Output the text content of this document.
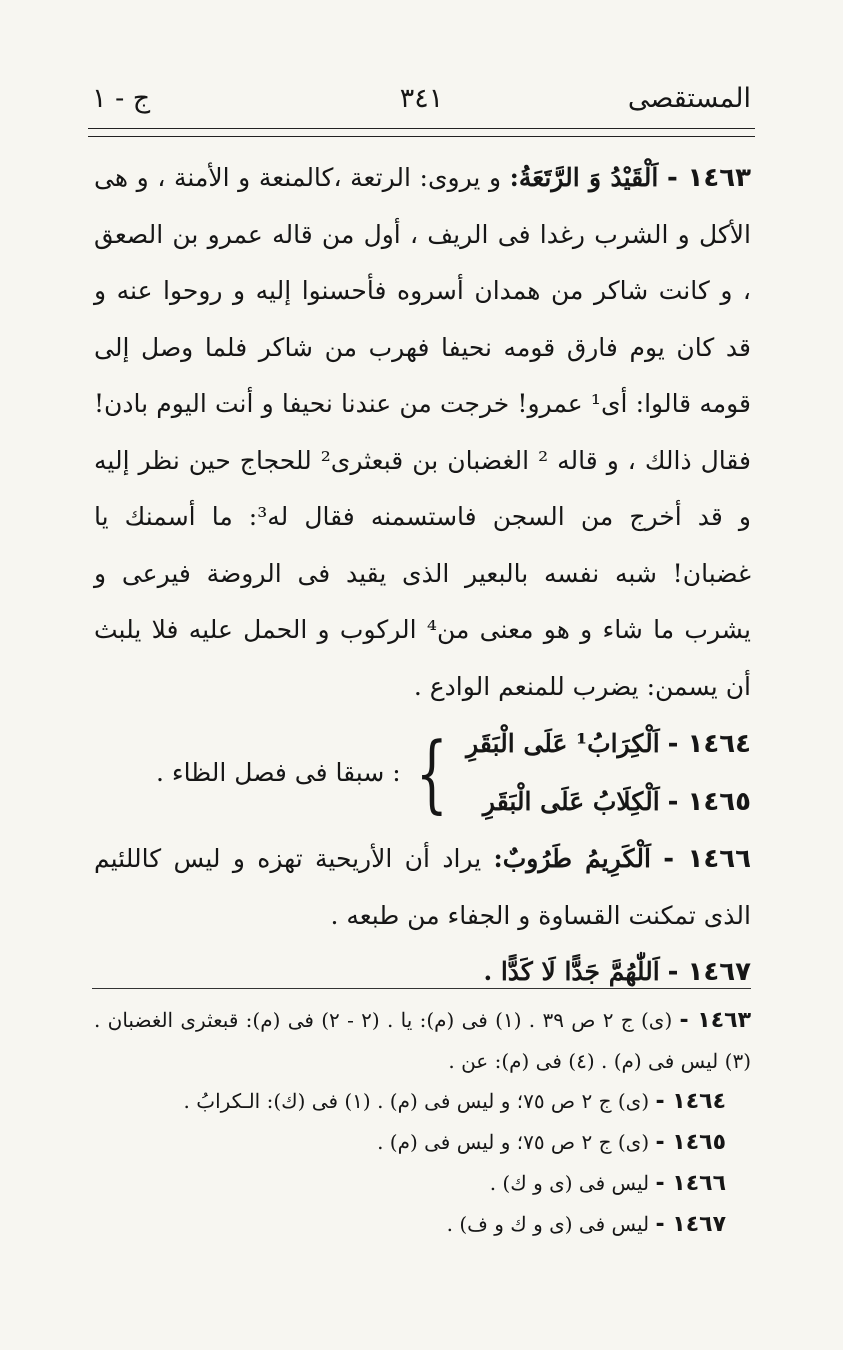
المستقصى
٣٤١
ج - ١

١٤٦٣ - اَلْقَيْدُ وَ الرَّتَعَةُ: و يروى: الرتعة ،كالمنعة و الأمنة ، و هى الأكل و الشرب رغدا فى الريف ، أول من قاله عمرو بن الصعق ، و كانت شاكر من همدان أسروه فأحسنوا إليه و روحوا عنه و قد كان يوم فارق قومه نحيفا فهرب من شاكر فلما وصل إلى قومه قالوا: أى¹ عمرو! خرجت من عندنا نحيفا و أنت اليوم بادن! فقال ذالك ، و قاله ² الغضبان بن قبعثرى² للحجاج حين نظر إليه و قد أخرج من السجن فاستسمنه فقال له³: ما أسمنك يا غضبان! شبه نفسه بالبعير الذى يقيد فى الروضة فيرعى و يشرب ما شاء و هو معنى من⁴ الركوب و الحمل عليه فلا يلبث أن يسمن: يضرب للمنعم الوادع .

١٤٦٤ - اَلْكِرَابُ¹ عَلَى الْبَقَرِ
١٤٦٥ - اَلْكِلَابُ عَلَى الْبَقَرِ
}
: سبقا فى فصل الظاء .

١٤٦٦ - اَلْكَرِيمُ طَرُوبٌ: يراد أن الأريحية تهزه و ليس كاللئيم الذى تمكنت القساوة و الجفاء من طبعه .

١٤٦٧ - اَللّٰهُمَّ جَدًّا لَا كَدًّا .

١٤٦٣ - (ى) ج ٢ ص ٣٩ . (١) فى (م): يا . (٢ - ٢) فى (م): قبعثرى الغضبان . (٣) ليس فى (م) . (٤) فى (م): عن .

١٤٦٤ - (ى) ج ٢ ص ٧٥؛ و ليس فى (م) . (١) فى (ك): الـكرابُ .

١٤٦٥ - (ى) ج ٢ ص ٧٥؛ و ليس فى (م) .

١٤٦٦ - ليس فى (ى و ك) .

١٤٦٧ - ليس فى (ى و ك و ف) .
